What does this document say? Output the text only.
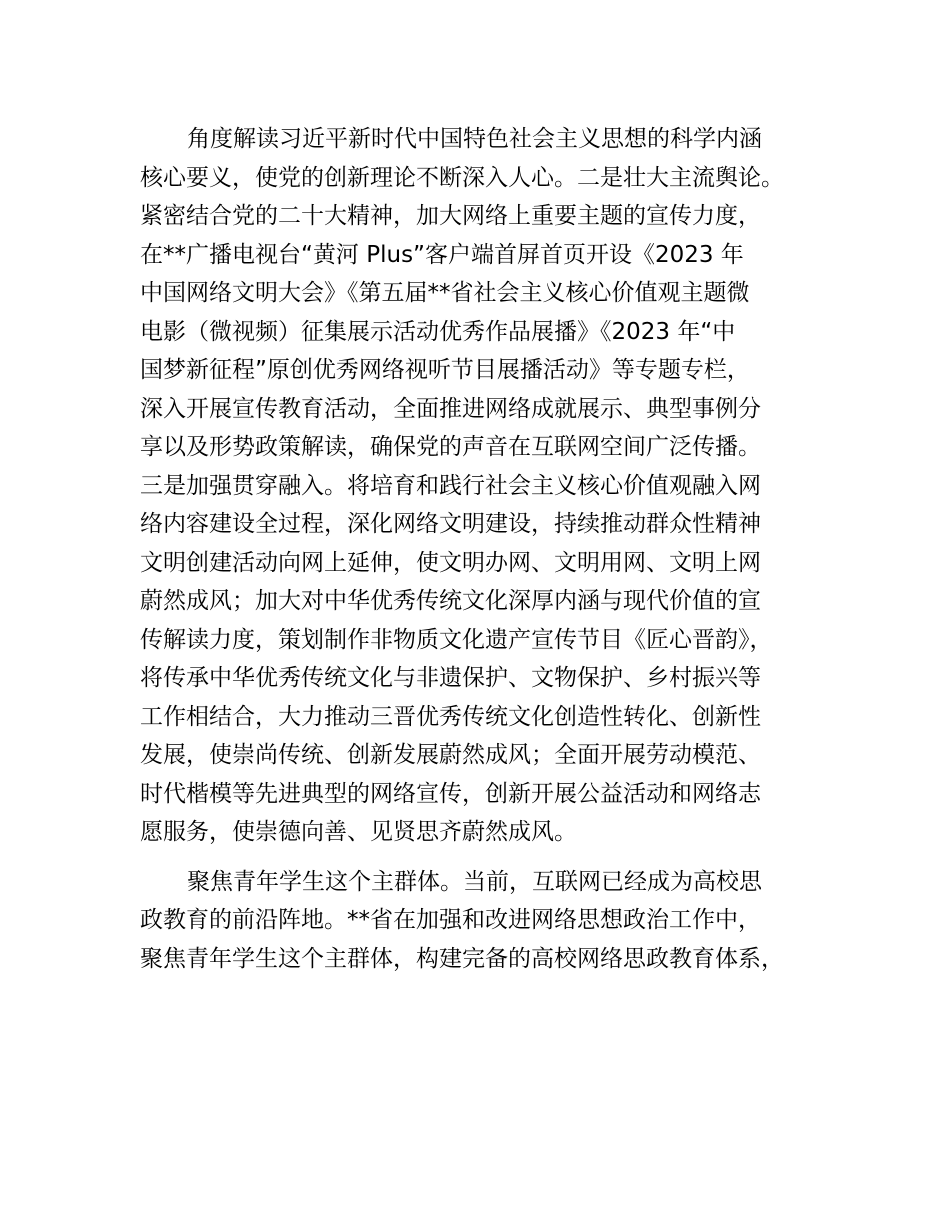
角度解读习近平新时代中国特色社会主义思想的科学内涵
核心要义，使党的创新理论不断深入人心。二是壮大主流舆论。
紧密结合党的二十大精神，加大网络上重要主题的宣传力度，
在**广播电视台“黄河 Plus”客户端首屏首页开设《2023 年
中国网络文明大会》《第五届**省社会主义核心价值观主题微
电影（微视频）征集展示活动优秀作品展播》《2023 年“中
国梦新征程”原创优秀网络视听节目展播活动》等专题专栏，
深入开展宣传教育活动，全面推进网络成就展示、典型事例分
享以及形势政策解读，确保党的声音在互联网空间广泛传播。
三是加强贯穿融入。将培育和践行社会主义核心价值观融入网
络内容建设全过程，深化网络文明建设，持续推动群众性精神
文明创建活动向网上延伸，使文明办网、文明用网、文明上网
蔚然成风；加大对中华优秀传统文化深厚内涵与现代价值的宣
传解读力度，策划制作非物质文化遗产宣传节目《匠心晋韵》，
将传承中华优秀传统文化与非遗保护、文物保护、乡村振兴等
工作相结合，大力推动三晋优秀传统文化创造性转化、创新性
发展，使崇尚传统、创新发展蔚然成风；全面开展劳动模范、
时代楷模等先进典型的网络宣传，创新开展公益活动和网络志
愿服务，使崇德向善、见贤思齐蔚然成风。
聚焦青年学生这个主群体。当前，互联网已经成为高校思
政教育的前沿阵地。**省在加强和改进网络思想政治工作中，
聚焦青年学生这个主群体，构建完备的高校网络思政教育体系，
